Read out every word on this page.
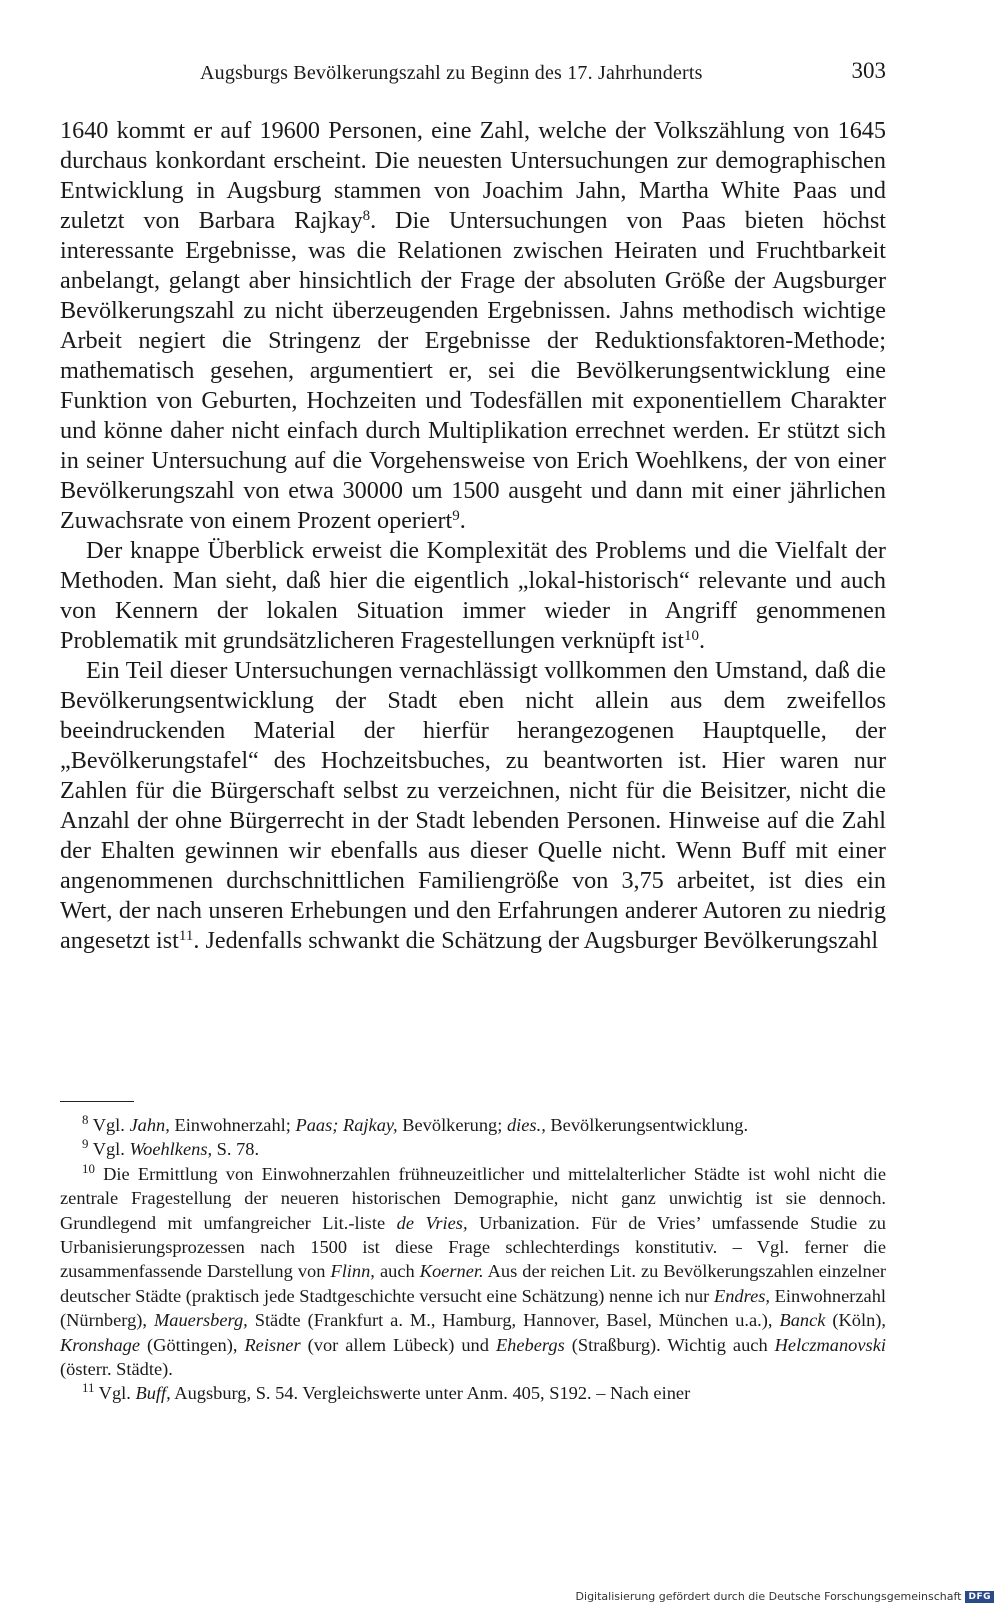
Augsburgs Bevölkerungszahl zu Beginn des 17. Jahrhunderts	303

1640 kommt er auf 19600 Personen, eine Zahl, welche der Volkszählung von 1645 durchaus konkordant erscheint. Die neuesten Untersuchungen zur demographischen Entwicklung in Augsburg stammen von Joachim Jahn, Martha White Paas und zuletzt von Barbara Rajkay$^8$. Die Untersuchungen von Paas bieten höchst interessante Ergebnisse, was die Relationen zwischen Heiraten und Fruchtbarkeit anbelangt, gelangt aber hinsichtlich der Frage der absoluten Größe der Augsburger Bevölkerungszahl zu nicht überzeugenden Ergebnissen. Jahns methodisch wichtige Arbeit negiert die Stringenz der Ergebnisse der Reduktionsfaktoren-Methode; mathematisch gesehen, argumentiert er, sei die Bevölkerungsentwicklung eine Funktion von Geburten, Hochzeiten und Todesfällen mit exponentiellem Charakter und könne daher nicht einfach durch Multiplikation errechnet werden. Er stützt sich in seiner Untersuchung auf die Vorgehensweise von Erich Woehlkens, der von einer Bevölkerungszahl von etwa 30000 um 1500 ausgeht und dann mit einer jährlichen Zuwachsrate von einem Prozent operiert$^9$.

Der knappe Überblick erweist die Komplexität des Problems und die Vielfalt der Methoden. Man sieht, daß hier die eigentlich „lokal-historisch“ relevante und auch von Kennern der lokalen Situation immer wieder in Angriff genommenen Problematik mit grundsätzlicheren Fragestellungen verknüpft ist$^{10}$.

Ein Teil dieser Untersuchungen vernachlässigt vollkommen den Umstand, daß die Bevölkerungsentwicklung der Stadt eben nicht allein aus dem zweifellos beeindruckenden Material der hierfür herangezogenen Hauptquelle, der „Bevölkerungstafel“ des Hochzeitsbuches, zu beantworten ist. Hier waren nur Zahlen für die Bürgerschaft selbst zu verzeichnen, nicht für die Beisitzer, nicht die Anzahl der ohne Bürgerrecht in der Stadt lebenden Personen. Hinweise auf die Zahl der Ehalten gewinnen wir ebenfalls aus dieser Quelle nicht. Wenn Buff mit einer angenommenen durchschnittlichen Familiengröße von 3,75 arbeitet, ist dies ein Wert, der nach unseren Erhebungen und den Erfahrungen anderer Autoren zu niedrig angesetzt ist$^{11}$. Jedenfalls schwankt die Schätzung der Augsburger Bevölkerungszahl

$^8$ Vgl. Jahn, Einwohnerzahl; Paas; Rajkay, Bevölkerung; dies., Bevölkerungsentwicklung.

$^9$ Vgl. Woehlkens, S. 78.

$^{10}$ Die Ermittlung von Einwohnerzahlen frühneuzeitlicher und mittelalterlicher Städte ist wohl nicht die zentrale Fragestellung der neueren historischen Demographie, nicht ganz unwichtig ist sie dennoch. Grundlegend mit umfangreicher Lit.-liste de Vries, Urbanization. Für de Vries’ umfassende Studie zu Urbanisierungsprozessen nach 1500 ist diese Frage schlechterdings konstitutiv. – Vgl. ferner die zusammenfassende Darstellung von Flinn, auch Koerner. Aus der reichen Lit. zu Bevölkerungszahlen einzelner deutscher Städte (praktisch jede Stadtgeschichte versucht eine Schätzung) nenne ich nur Endres, Einwohnerzahl (Nürnberg), Mauersberg, Städte (Frankfurt a. M., Hamburg, Hannover, Basel, München u.a.), Banck (Köln), Kronshage (Göttingen), Reisner (vor allem Lübeck) und Ehebergs (Straßburg). Wichtig auch Helczmanovski (österr. Städte).

$^{11}$ Vgl. Buff, Augsburg, S. 54. Vergleichswerte unter Anm. 405, S192. – Nach einer

Digitalisierung gefördert durch die Deutsche Forschungsgemeinschaft DFG
